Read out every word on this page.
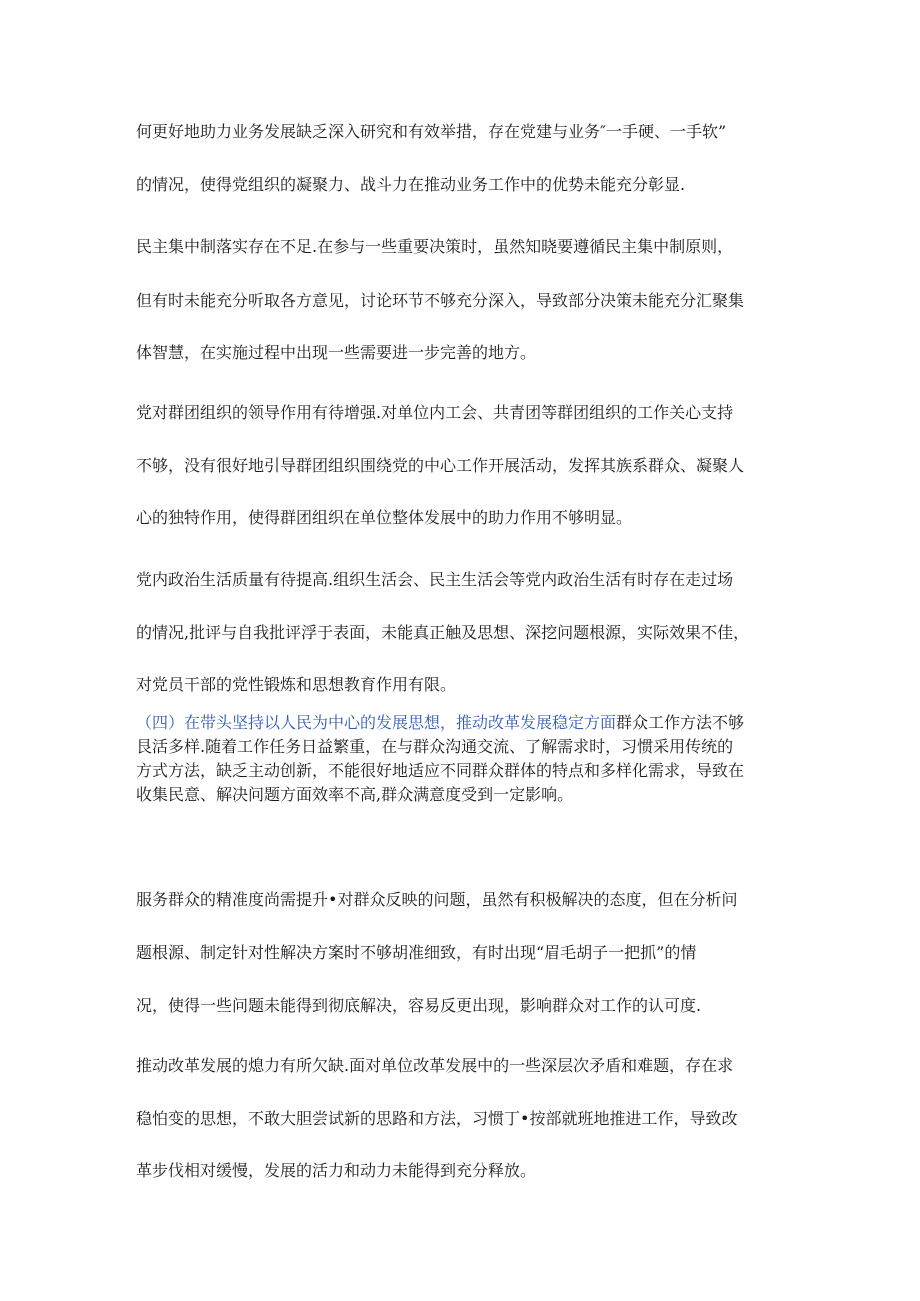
何更好地助力业务发展缺乏深入研究和有效举措，存在党建与业务″一手硬、一手软”
的情况，使得党组织的凝聚力、战斗力在推动业务工作中的优势未能充分彰显.
民主集中制落实存在不足.在参与一些重要决策时，虽然知晓要遵循民主集中制原则，
但有时未能充分听取各方意见，讨论环节不够充分深入，导致部分决策未能充分汇聚集
体智慧，在实施过程中出现一些需要进一步完善的地方。
党对群团组织的领导作用有待增强.对单位内工会、共青团等群团组织的工作关心支持
不够，没有很好地引导群团组织围绕党的中心工作开展活动，发挥其族系群众、凝聚人
心的独特作用，使得群团组织在单位整体发展中的助力作用不够明显。
党内政治生活质量有待提高.组织生活会、民主生活会等党内政治生活有时存在走过场
的情况,批评与自我批评浮于表面，未能真正触及思想、深挖问题根源，实际效果不佳，
对党员干部的党性锻炼和思想教育作用有限。
（四）在带头坚持以人民为中心的发展思想，推动改革发展稳定方面群众工作方法不够
艮活多样.随着工作任务日益繁重，在与群众沟通交流、了解需求时，习惯采用传统的
方式方法，缺乏主动创新，不能很好地适应不同群众群体的特点和多样化需求，导致在
收集民意、解决问题方面效率不高,群众满意度受到一定影响。
服务群众的精准度尚需提升•对群众反映的问题，虽然有积极解决的态度，但在分析问
题根源、制定针对性解决方案时不够胡准细致，有时出现“眉毛胡子一把抓”的情
况，使得一些问题未能得到彻底解决，容易反更出现，影响群众对工作的认可度.
推动改革发展的熄力有所欠缺.面对单位改革发展中的一些深层次矛盾和难题，存在求
稳怕变的思想，不敢大胆尝试新的思路和方法，习惯丁•按部就班地推进工作，导致改
革步伐相对缓慢，发展的活力和动力未能得到充分释放。
